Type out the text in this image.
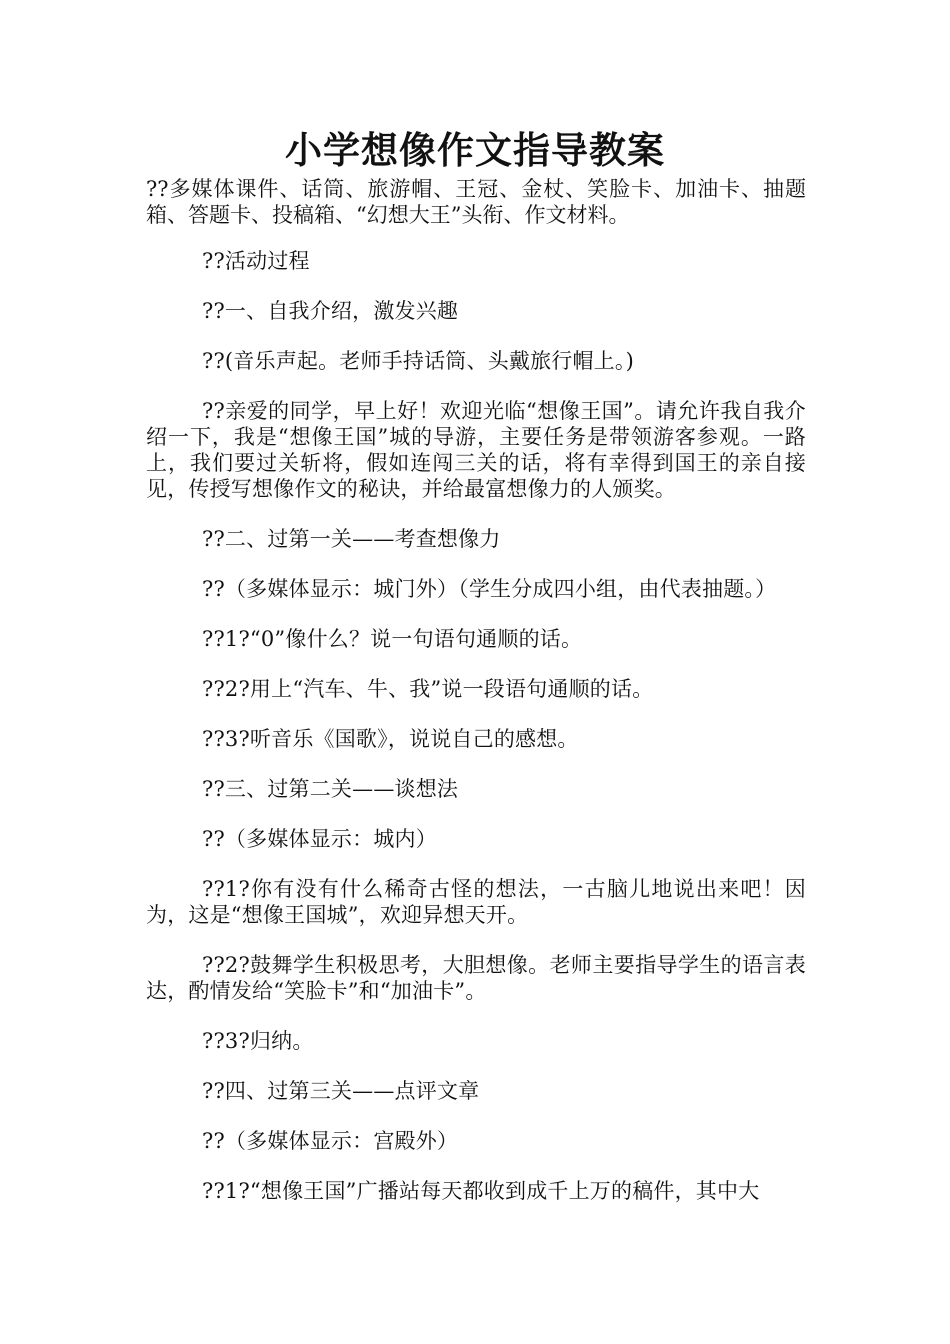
小学想像作文指导教案
??多媒体课件、话筒、旅游帽、王冠、金杖、笑脸卡、加油卡、抽题箱、答题卡、投稿箱、“幻想大王”头衔、作文材料。

??活动过程

??一、自我介绍，激发兴趣

??(音乐声起。老师手持话筒、头戴旅行帽上。)

??亲爱的同学，早上好！欢迎光临“想像王国”。请允许我自我介绍一下，我是“想像王国”城的导游，主要任务是带领游客参观。一路上，我们要过关斩将，假如连闯三关的话，将有幸得到国王的亲自接见，传授写想像作文的秘诀，并给最富想像力的人颁奖。

??二、过第一关——考查想像力

??（多媒体显示：城门外）（学生分成四小组，由代表抽题。）

??1?“0”像什么？说一句语句通顺的话。

??2?用上“汽车、牛、我”说一段语句通顺的话。

??3?听音乐《国歌》，说说自己的感想。

??三、过第二关——谈想法

??（多媒体显示：城内）

??1?你有没有什么稀奇古怪的想法，一古脑儿地说出来吧！因为，这是“想像王国城”，欢迎异想天开。

??2?鼓舞学生积极思考，大胆想像。老师主要指导学生的语言表达，酌情发给“笑脸卡”和“加油卡”。

??3?归纳。

??四、过第三关——点评文章

??（多媒体显示：宫殿外）

??1?“想像王国”广播站每天都收到成千上万的稿件，其中大
